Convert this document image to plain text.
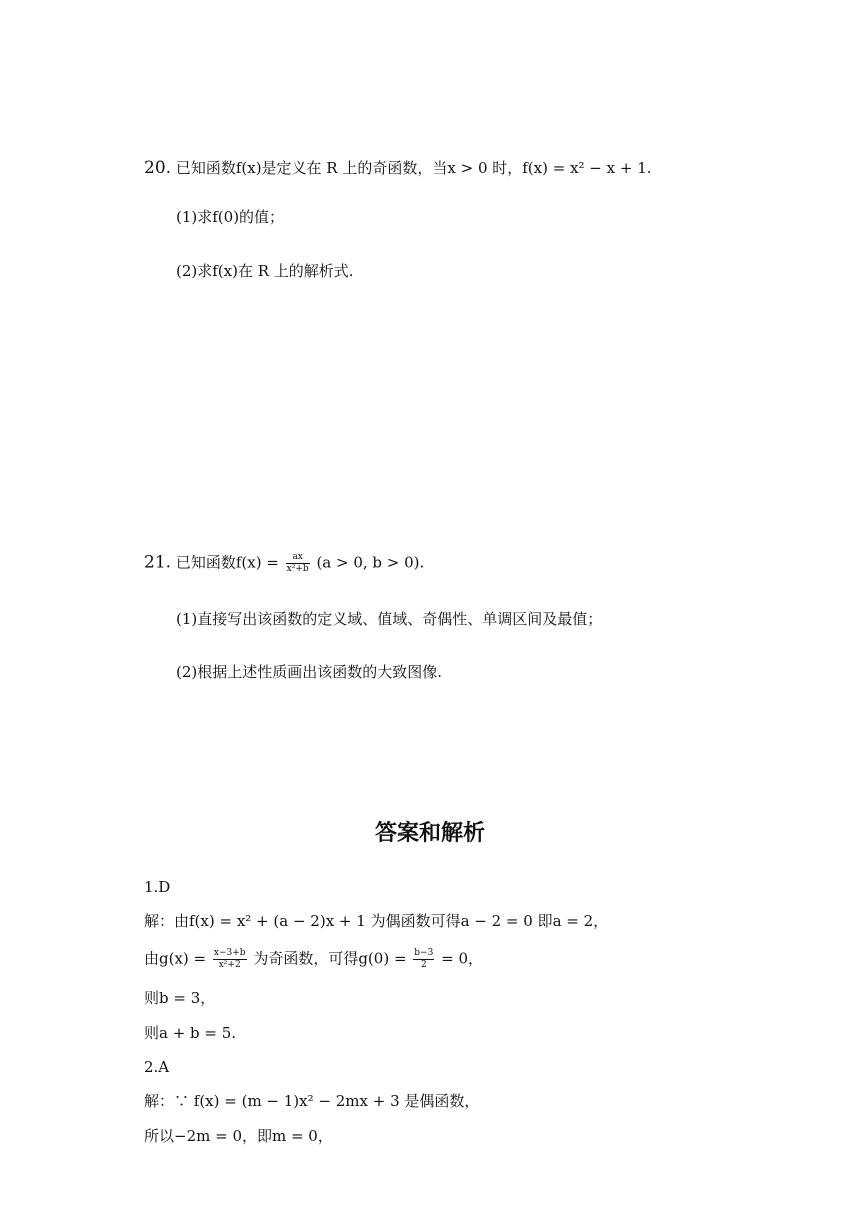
20. 已知函数f(x)是定义在 R 上的奇函数，当x > 0 时，f(x) = x² − x + 1.
(1)求f(0)的值；
(2)求f(x)在 R 上的解析式.
21. 已知函数$f(x) = \frac{ax}{\text{x²+b}} (a > 0$, b > 0).
(1)直接写出该函数的定义域、值域、奇偶性、单调区间及最值；
(2)根据上述性质画出该函数的大致图像.
答案和解析
1.D
解：由f(x) = x² + (a − 2)x + 1 为偶函数可得a − 2 = 0 即a = 2，
由$g(x) = \frac{x-3+b}{\text{x²+2}}$ 为奇函数，可得$g(0) = \frac{b-3}{2} = 0$，
则b = 3，
则a + b = 5.
2.A
解：∵ f(x) = (m − 1)x² − 2mx + 3 是偶函数，
所以−2m = 0，即m = 0，
